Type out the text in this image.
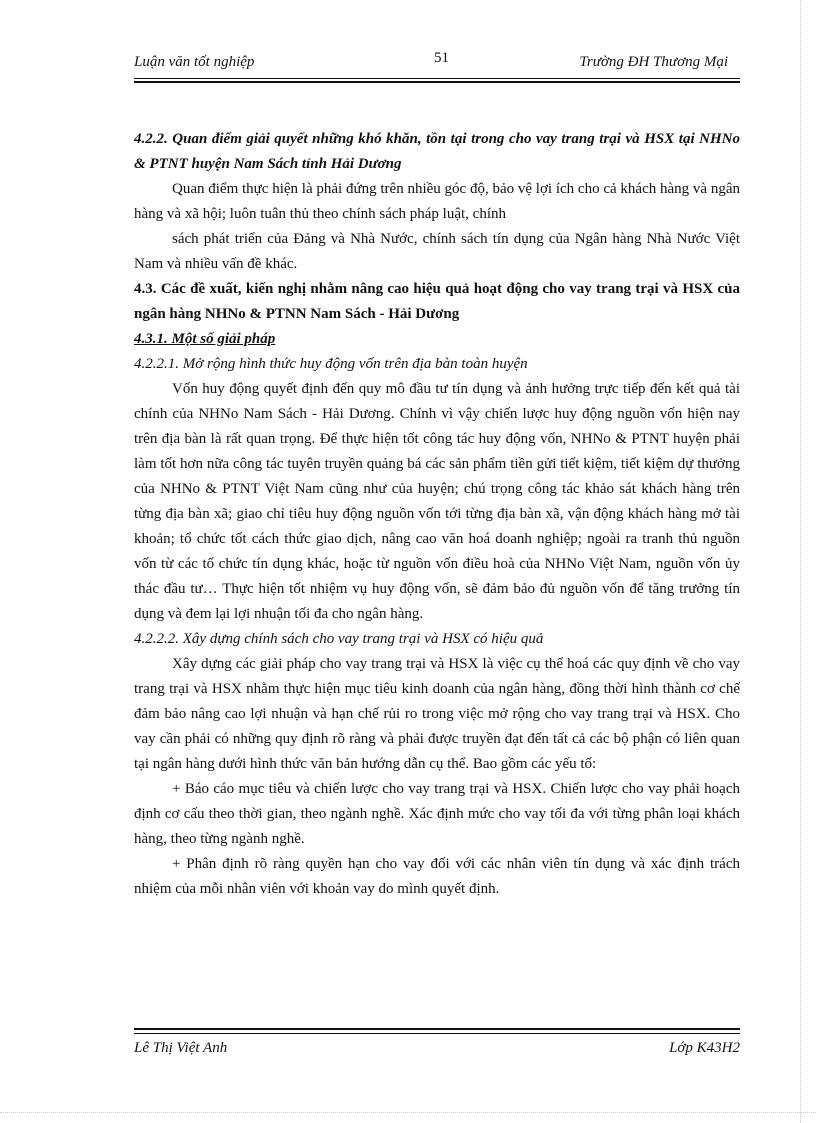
Luận văn tốt nghiệp	51	Trường ĐH Thương Mại

4.2.2. Quan điểm giải quyết những khó khăn, tồn tại trong cho vay trang trại và HSX tại NHNo & PTNT huyện Nam Sách tỉnh Hải Dương

Quan điểm thực hiện là phải đứng trên nhiều góc độ, bảo vệ lợi ích cho cả khách hàng và ngân hàng và xã hội; luôn tuân thủ theo chính sách pháp luật, chính

sách phát triển của Đảng và Nhà Nước, chính sách tín dụng của Ngân hàng Nhà Nước Việt Nam và nhiều vấn đề khác.

4.3. Các đề xuất, kiến nghị nhằm nâng cao hiệu quả hoạt động cho vay trang trại và HSX của ngân hàng NHNo & PTNN Nam Sách - Hải Dương

4.3.1. Một số giải pháp

4.2.2.1. Mở rộng hình thức huy động vốn trên địa bàn toàn huyện

Vốn huy động quyết định đến quy mô đầu tư tín dụng và ảnh hưởng trực tiếp đến kết quả tài chính của NHNo Nam Sách - Hải Dương. Chính vì vậy chiến lược huy động nguồn vốn hiện nay trên địa bàn là rất quan trọng. Để thực hiện tốt công tác huy động vốn, NHNo & PTNT huyện phải làm tốt hơn nữa công tác tuyên truyền quảng bá các sản phẩm tiền gửi tiết kiệm, tiết kiệm dự thưởng của NHNo & PTNT Việt Nam cũng như của huyện; chú trọng công tác khảo sát khách hàng trên từng địa bàn xã; giao chỉ tiêu huy động nguồn vốn tới từng địa bàn xã, vận động khách hàng mở tài khoản; tổ chức tốt cách thức giao dịch, nâng cao văn hoá doanh nghiệp; ngoài ra tranh thủ nguồn vốn từ các tổ chức tín dụng khác, hoặc từ nguồn vốn điều hoà của NHNo Việt Nam, nguồn vốn ủy thác đầu tư… Thực hiện tốt nhiệm vụ huy động vốn, sẽ đảm bảo đủ nguồn vốn để tăng trưởng tín dụng và đem lại lợi nhuận tối đa cho ngân hàng.

4.2.2.2. Xây dựng chính sách cho vay trang trại và HSX có hiệu quả

Xây dựng các giải pháp cho vay trang trại và HSX là việc cụ thể hoá các quy định về cho vay trang trại và HSX nhằm thực hiện mục tiêu kinh doanh của ngân hàng, đồng thời hình thành cơ chế đảm bảo nâng cao lợi nhuận và hạn chế rủi ro trong việc mở rộng cho vay trang trại và HSX. Cho vay cần phải có những quy định rõ ràng và phải được truyền đạt đến tất cả các bộ phận có liên quan tại ngân hàng dưới hình thức văn bản hướng dẫn cụ thể. Bao gồm các yếu tố:

+ Báo cáo mục tiêu và chiến lược cho vay trang trại và HSX. Chiến lược cho vay phải hoạch định cơ cấu theo thời gian, theo ngành nghề. Xác định mức cho vay tối đa với từng phân loại khách hàng, theo từng ngành nghề.

+ Phân định rõ ràng quyền hạn cho vay đối với các nhân viên tín dụng và xác định trách nhiệm của mỗi nhân viên với khoản vay do mình quyết định.

Lê Thị Việt Anh	Lớp K43H2
